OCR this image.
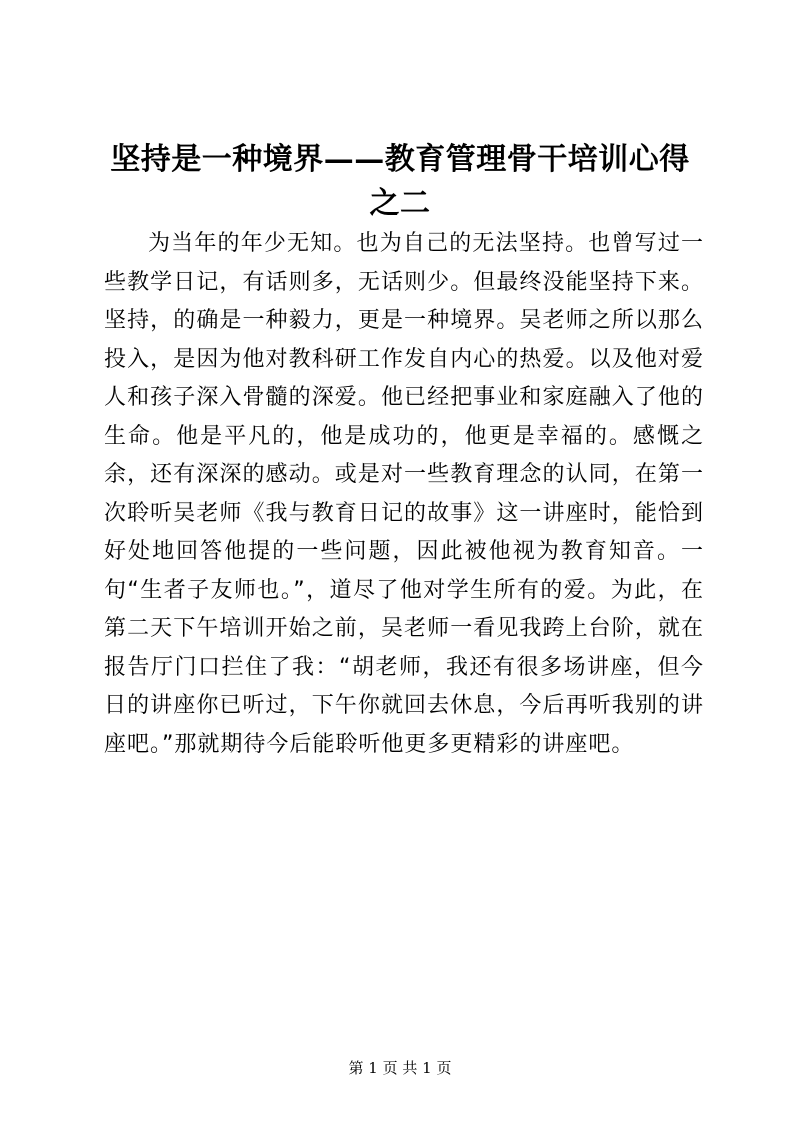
坚持是一种境界——教育管理骨干培训心得之二

为当年的年少无知。也为自己的无法坚持。也曾写过一些教学日记，有话则多，无话则少。但最终没能坚持下来。坚持，的确是一种毅力，更是一种境界。吴老师之所以那么投入，是因为他对教科研工作发自内心的热爱。以及他对爱人和孩子深入骨髓的深爱。他已经把事业和家庭融入了他的生命。他是平凡的，他是成功的，他更是幸福的。感慨之余，还有深深的感动。或是对一些教育理念的认同，在第一次聆听吴老师《我与教育日记的故事》这一讲座时，能恰到好处地回答他提的一些问题，因此被他视为教育知音。一句“生者子友师也。”，道尽了他对学生所有的爱。为此，在第二天下午培训开始之前，吴老师一看见我跨上台阶，就在报告厅门口拦住了我：“胡老师，我还有很多场讲座，但今日的讲座你已听过，下午你就回去休息，今后再听我别的讲座吧。”那就期待今后能聆听他更多更精彩的讲座吧。

第 1 页 共 1 页
